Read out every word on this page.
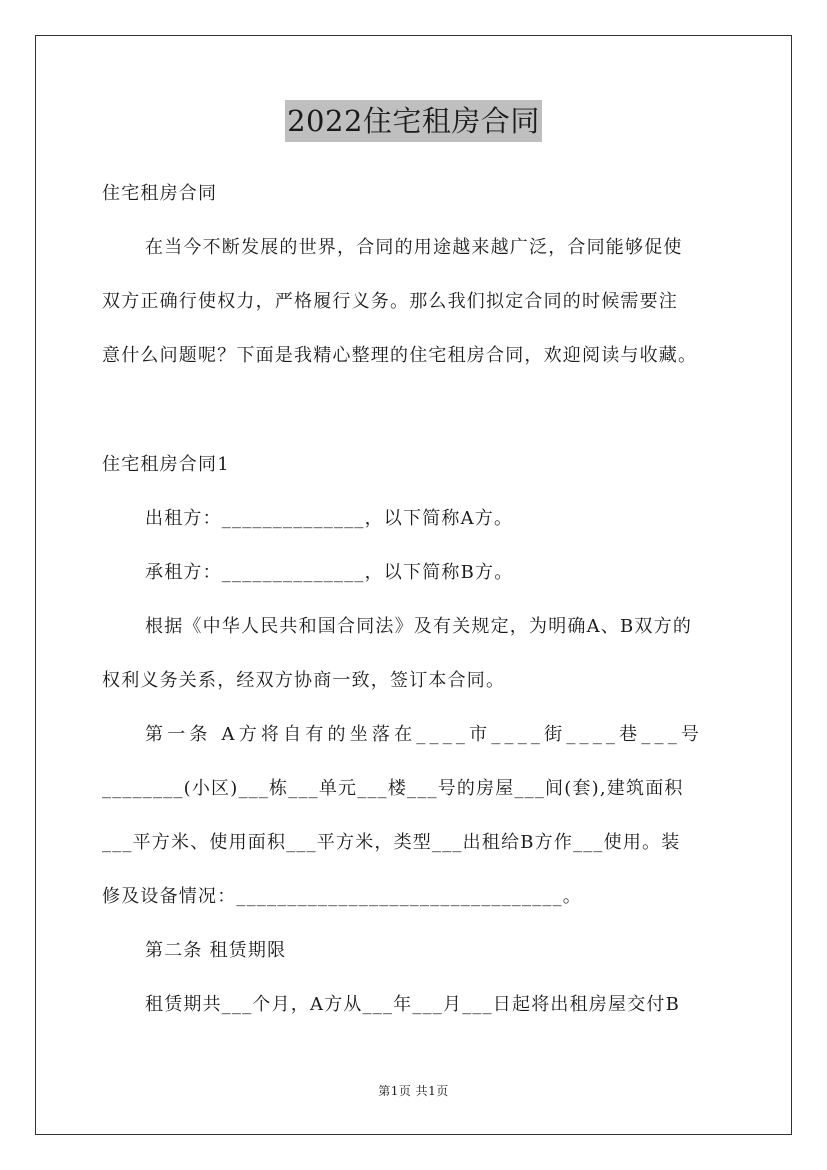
2022住宅租房合同
住宅租房合同
在当今不断发展的世界，合同的用途越来越广泛，合同能够促使
双方正确行使权力，严格履行义务。那么我们拟定合同的时候需要注
意什么问题呢？下面是我精心整理的住宅租房合同，欢迎阅读与收藏。
住宅租房合同1
出租方：______________，以下简称A方。
承租方：______________，以下简称B方。
根据《中华人民共和国合同法》及有关规定，为明确A、B双方的
权利义务关系，经双方协商一致，签订本合同。
第一条 A方将自有的坐落在____市____街____巷___号
________(小区)___栋___单元___楼___号的房屋___间(套),建筑面积
___平方米、使用面积___平方米，类型___出租给B方作___使用。装
修及设备情况：________________________________。
第二条 租赁期限
租赁期共___个月，A方从___年___月___日起将出租房屋交付B
第1页 共1页
